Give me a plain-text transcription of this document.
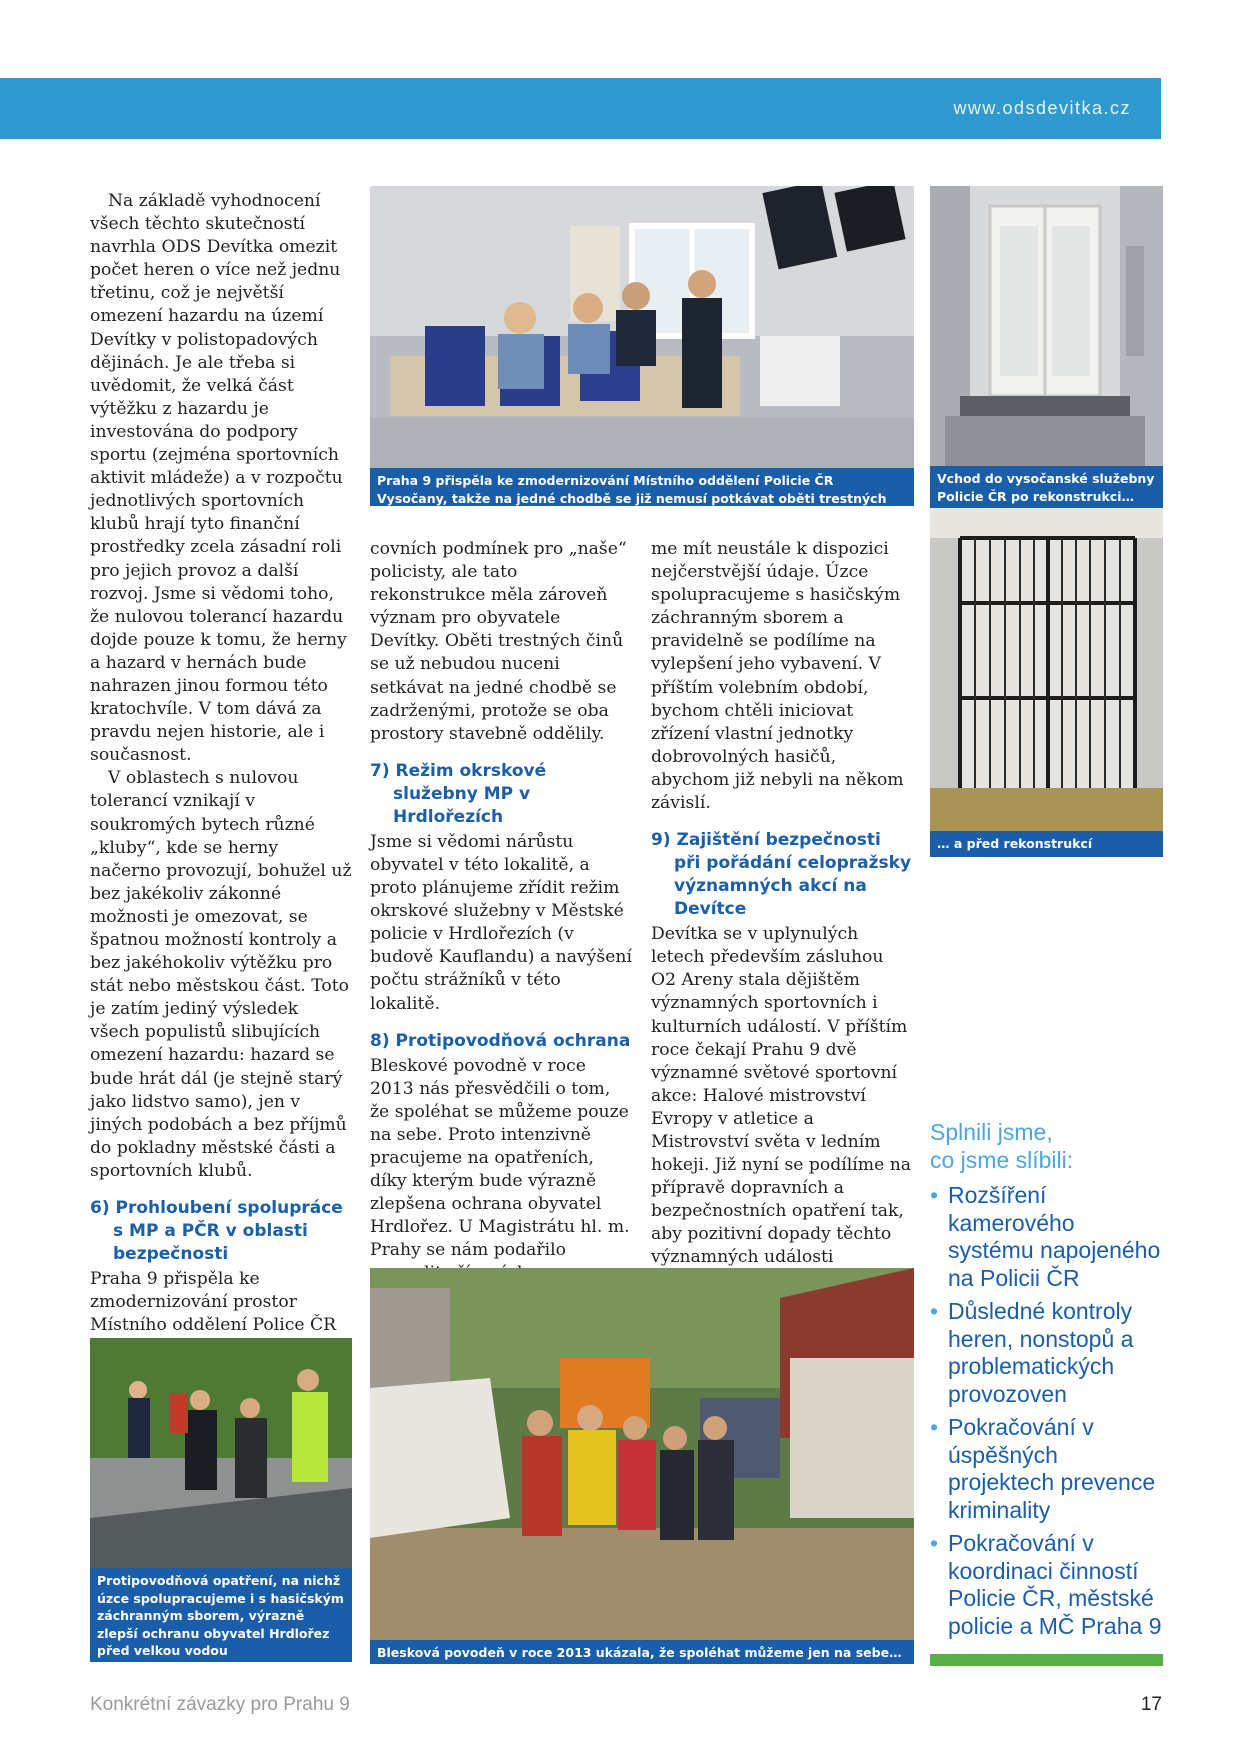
www.odsdevitka.cz

Na základě vyhodnocení všech těchto skutečností navrhla ODS Devítka omezit počet heren o více než jednu třetinu, což je největší omezení hazardu na území Devítky v polistopadových dějinách. Je ale třeba si uvědomit, že velká část výtěžku z hazardu je investována do podpory sportu (zejména sportovních aktivit mládeže) a v rozpočtu jednotlivých sportovních klubů hrají tyto finanční prostředky zcela zásadní roli pro jejich provoz a další rozvoj. Jsme si vědomi toho, že nulovou tolerancí hazardu dojde pouze k tomu, že herny a hazard v hernách bude nahrazen jinou formou této kratochvíle. V tom dává za pravdu nejen historie, ale i současnost.

V oblastech s nulovou tolerancí vznikají v soukromých bytech různé „kluby“, kde se herny načerno provozují, bohužel už bez jakékoliv zákonné možnosti je omezovat, se špatnou možností kontroly a bez jakéhokoliv výtěžku pro stát nebo městskou část. Toto je zatím jediný výsledek všech populistů slibujících omezení hazardu: hazard se bude hrát dál (je stejně starý jako lidstvo samo), jen v jiných podobách a bez příjmů do pokladny městské části a sportovních klubů.

6) Prohloubení spolupráce s MP a PČR v oblasti bezpečnosti

Praha 9 přispěla ke zmodernizování prostor Místního oddělení Police ČR

Praha 9 přispěla ke zmodernizování Místního oddělení Policie ČR Vysočany, takže na jedné chodbě se již nemusí potkávat oběti trestných činů s kriminálníky
Vchod do vysočanské služebny Policie ČR po rekonstrukci…
… a před rekonstrukcí

covních podmínek pro „naše“ policisty, ale tato rekonstrukce měla zároveň význam pro obyvatele Devítky. Oběti trestných činů se už nebudou nuceni setkávat na jedné chodbě se zadrženými, protože se oba prostory stavebně oddělily.

7) Režim okrskové služebny MP v Hrdlořezích

Jsme si vědomi nárůstu obyvatel v této lokalitě, a proto plánujeme zřídit režim okrskové služebny v Městské policie v Hrdlořezích (v budově Kauflandu) a navýšení počtu strážníků v této lokalitě.

8) Protipovodňová ochrana

Bleskové povodně v roce 2013 nás přesvědčili o tom, že spoléhat se můžeme pouze na sebe. Proto intenzivně pracujeme na opatřeních, díky kterým bude výrazně zlepšena ochrana obyvatel Hrdlořez. U Magistrátu hl. m. Prahy se nám podařilo

me mít neustále k dispozici nejčerstvější údaje. Úzce spolupracujeme s hasičským záchranným sborem a pravidelně se podílíme na vylepšení jeho vybavení. V příštím volebním období, bychom chtěli iniciovat zřízení vlastní jednotky dobrovolných hasičů, abychom již nebyli na někom závislí.

9) Zajištění bezpečnosti při pořádání celopražsky významných akcí na Devítce

Devítka se v uplynulých letech především zásluhou O2 Areny stala dějištěm významných sportovních i kulturních událostí. V příštím roce čekají Prahu 9 dvě významné světové sportovní akce: Halové mistrovství Evropy v atletice a Mistrovství světa v ledním hokeji. Již nyní se podílíme na přípravě dopravních a bezpečnostních opatření tak, aby pozitivní dopady těchto významných události

Protipovodňová opatření, na nichž úzce spolupracujeme i s hasičským záchranným sborem, výrazně zlepší ochranu obyvatel Hrdlořez před velkou vodou	Blesková povodeň v roce 2013 ukázala, že spoléhat můžeme jen na sebe…
Splnili jsme,
co jsme slíbili:
• Rozšíření kamerového systému napojeného na Policii ČR
• Důsledné kontroly heren, nonstopů a problematických provozoven
• Pokračování v úspěšných projektech prevence kriminality
• Pokračování v koordinaci činností Policie ČR, městské policie a MČ Praha 9
Konkrétní závazky pro Prahu 9	17
